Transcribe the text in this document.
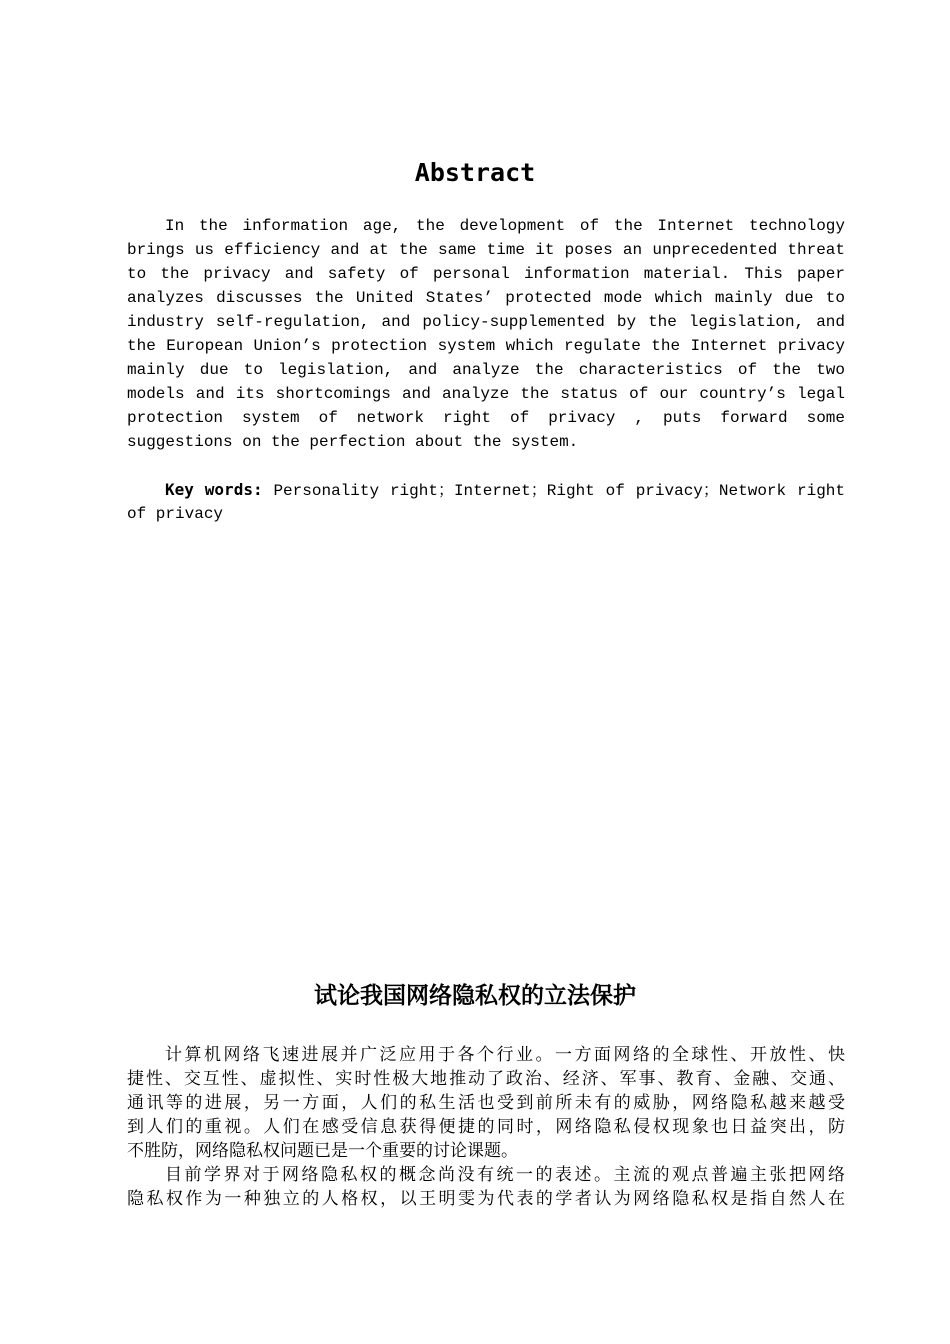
Abstract

In the information age, the development of the Internet technology

brings us efficiency and at the same time it poses an unprecedented threat

to the privacy and safety of personal information material. This paper

analyzes discusses the United States’ protected mode which mainly due to

industry self-regulation, and policy-supplemented by the legislation, and

the European Union’s protection system which regulate the Internet privacy

mainly due to legislation, and analyze the characteristics of the two

models and its shortcomings and analyze the status of our country’s legal

protection system of network right of privacy , puts forward some

suggestions on the perfection about the system.

Key words: Personality right；Internet；Right of privacy；Network right

of privacy

试论我国网络隐私权的立法保护

计算机网络飞速进展并广泛应用于各个行业。一方面网络的全球性、开放性、快

捷性、交互性、虚拟性、实时性极大地推动了政治、经济、军事、教育、金融、交通、

通讯等的进展，另一方面，人们的私生活也受到前所未有的威胁，网络隐私越来越受

到人们的重视。人们在感受信息获得便捷的同时，网络隐私侵权现象也日益突出，防

不胜防，网络隐私权问题已是一个重要的讨论课题。

目前学界对于网络隐私权的概念尚没有统一的表述。主流的观点普遍主张把网络

隐私权作为一种独立的人格权，以王明雯为代表的学者认为网络隐私权是指自然人在
